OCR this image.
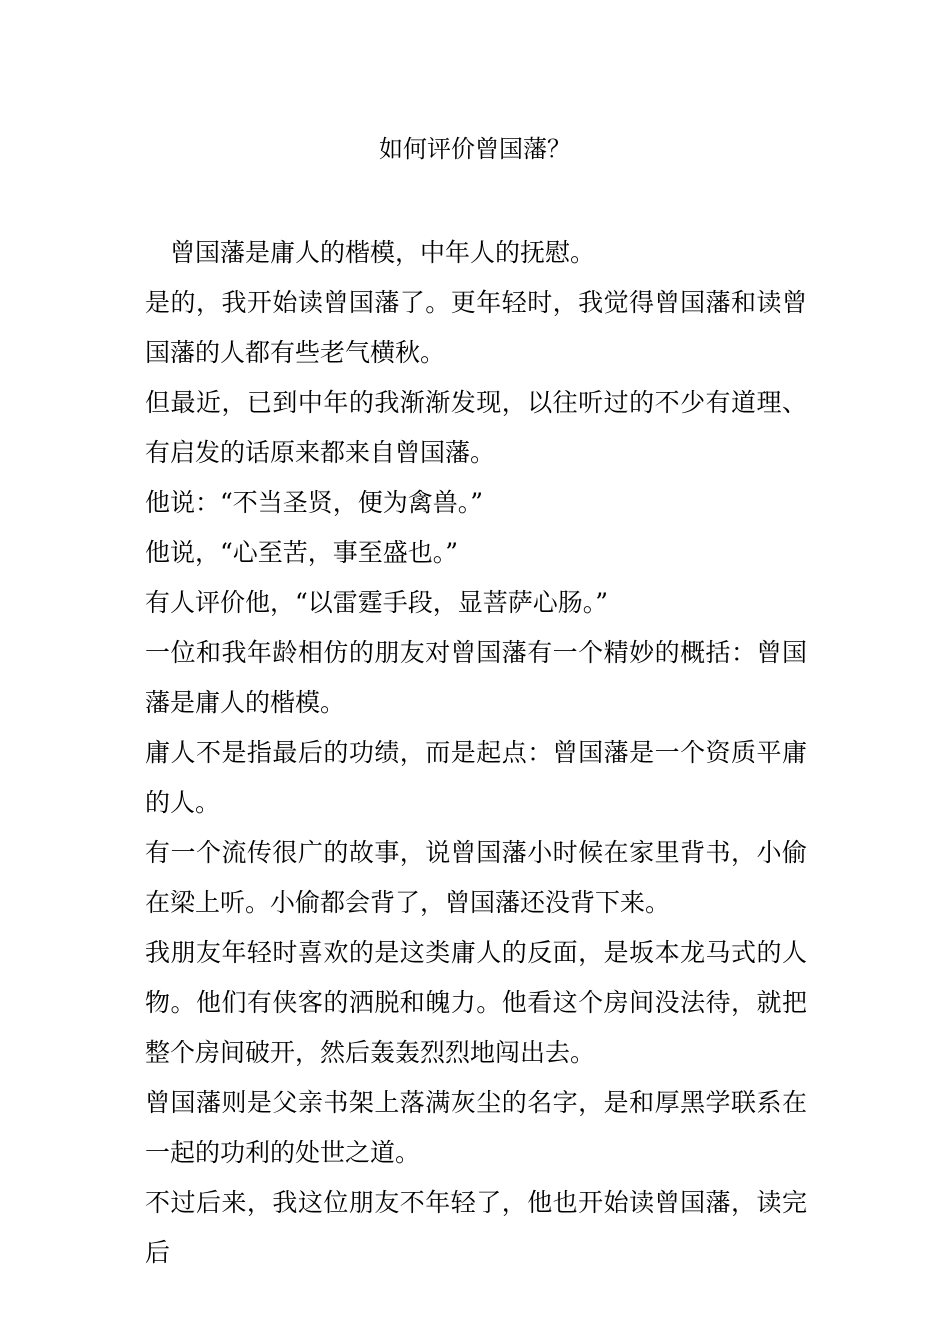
如何评价曾国藩？

曾国藩是庸人的楷模，中年人的抚慰。

是的，我开始读曾国藩了。更年轻时，我觉得曾国藩和读曾国藩的人都有些老气横秋。

但最近，已到中年的我渐渐发现，以往听过的不少有道理、有启发的话原来都来自曾国藩。

他说：“不当圣贤，便为禽兽。”

他说，“心至苦，事至盛也。”

有人评价他，“以雷霆手段，显菩萨心肠。”

一位和我年龄相仿的朋友对曾国藩有一个精妙的概括：曾国藩是庸人的楷模。

庸人不是指最后的功绩，而是起点：曾国藩是一个资质平庸的人。

有一个流传很广的故事，说曾国藩小时候在家里背书，小偷在梁上听。小偷都会背了，曾国藩还没背下来。

我朋友年轻时喜欢的是这类庸人的反面，是坂本龙马式的人物。他们有侠客的洒脱和魄力。他看这个房间没法待，就把整个房间破开，然后轰轰烈烈地闯出去。

曾国藩则是父亲书架上落满灰尘的名字，是和厚黑学联系在一起的功利的处世之道。

不过后来，我这位朋友不年轻了，他也开始读曾国藩，读完后
